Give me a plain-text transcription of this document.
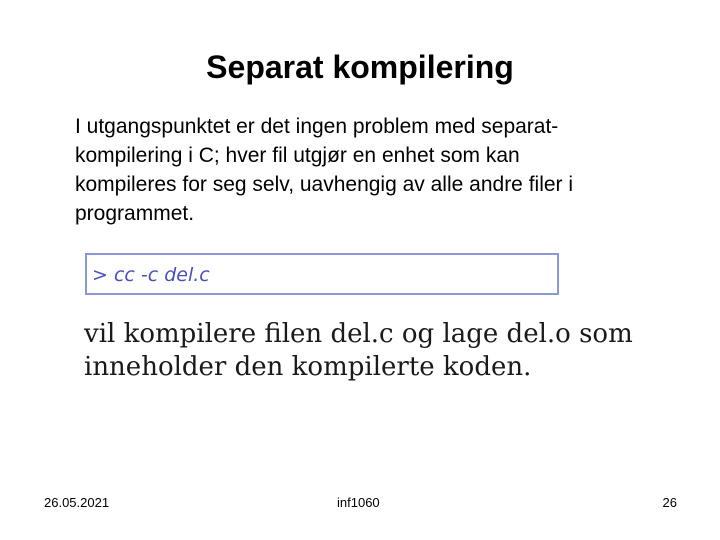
Separat kompilering
I utgangspunktet er det ingen problem med separat-
kompilering i C; hver fil utgjør en enhet som kan
kompileres for seg selv, uavhengig av alle andre filer i
programmet.
> cc -c del.c
vil kompilere filen del.c og lage del.o som
inneholder den kompilerte koden.
26.05.2021	inf1060	26
